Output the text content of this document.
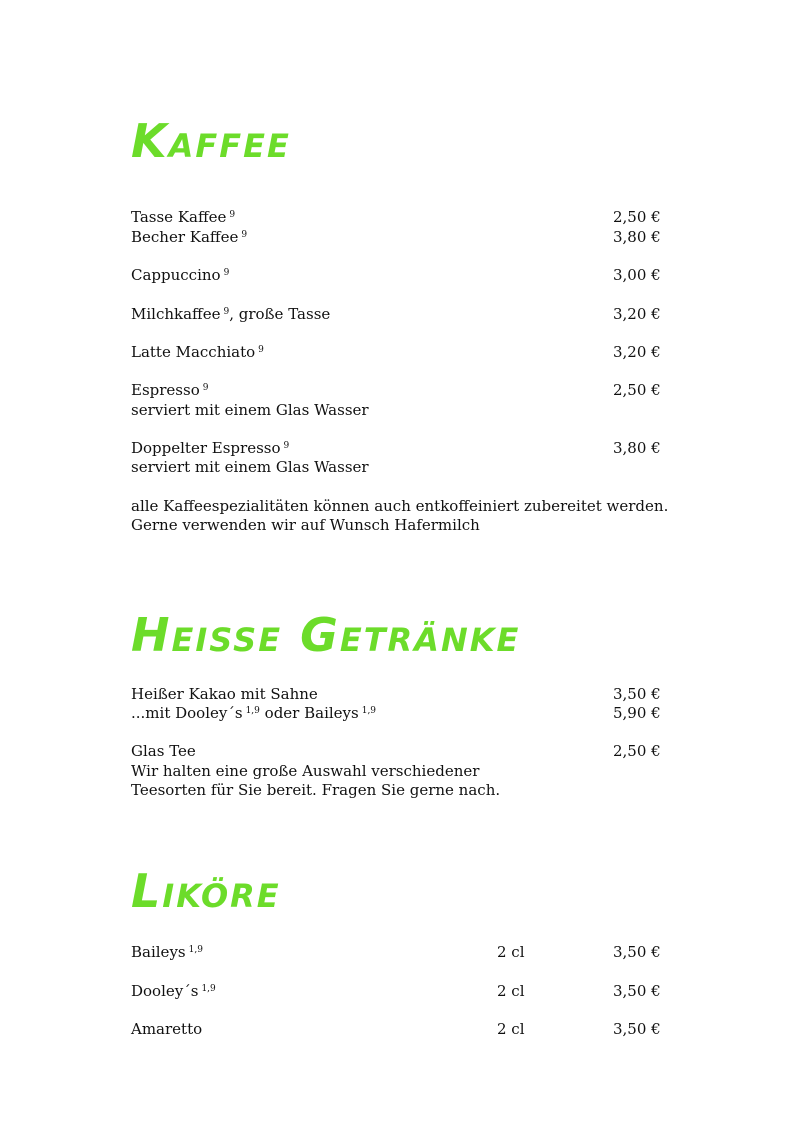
Kaffee
Tasse Kaffee $^9$	2,50 €
Becher Kaffee $^9$	3,80 €
Cappuccino $^9$	3,00 €
Milchkaffee $^9$, große Tasse	3,20 €
Latte Macchiato $^9$	3,20 €
Espresso $^9$	2,50 €
serviert mit einem Glas Wasser
Doppelter Espresso $^9$	3,80 €
serviert mit einem Glas Wasser
alle Kaffeespezialitäten können auch entkoffeiniert zubereitet werden.
Gerne verwenden wir auf Wunsch Hafermilch
Heisse Getränke
Heißer Kakao mit Sahne	3,50 €
...mit Dooley´s $^{1,9}$ oder Baileys $^{1,9}$	5,90 €
Glas Tee	2,50 €
Wir halten eine große Auswahl verschiedener
Teesorten für Sie bereit. Fragen Sie gerne nach.
Liköre
Baileys $^{1,9}$	2 cl	3,50 €
Dooley´s $^{1,9}$	2 cl	3,50 €
Amaretto	2 cl	3,50 €
